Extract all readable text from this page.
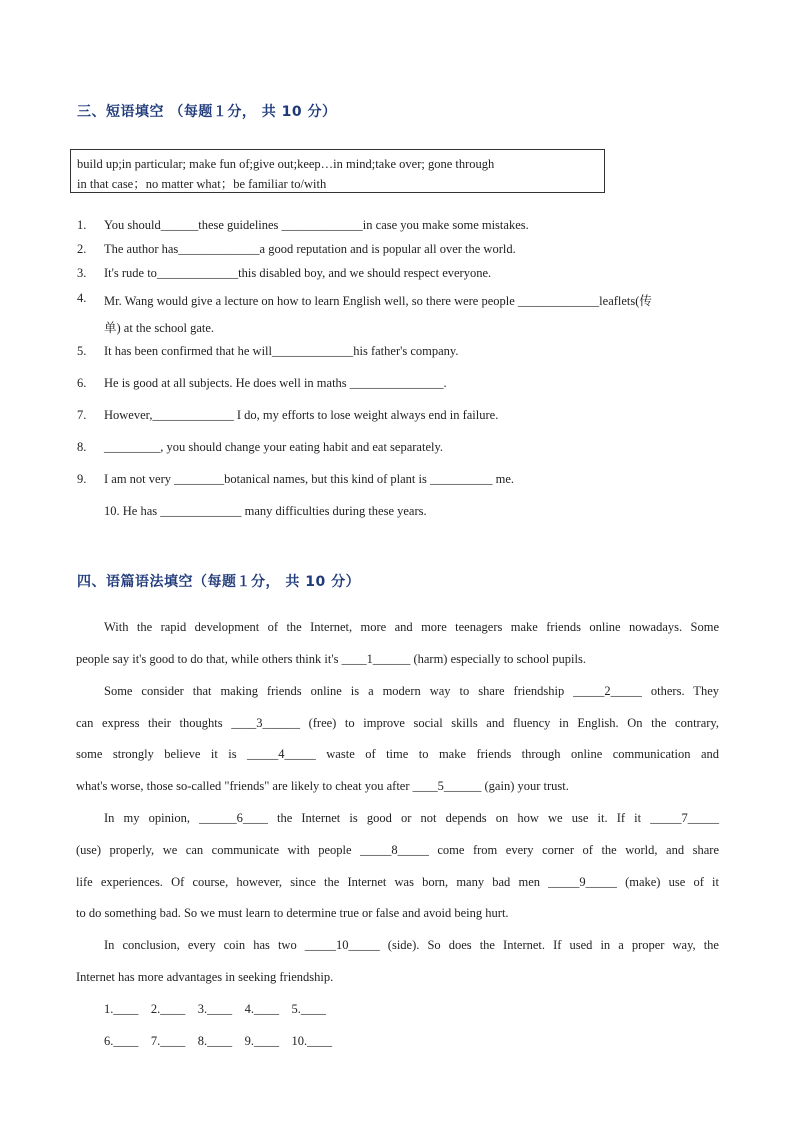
三、短语填空 （每题１分， 共 10 分）
build up;in particular; make fun of;give out;keep…in mind;take over; gone through
in that case；no matter what；be familiar to/with
1. You should______these guidelines _____________in case you make some mistakes.
2. The author has_____________a good reputation and is popular all over the world.
3. It's rude to_____________this disabled boy, and we should respect everyone.
4. Mr. Wang would give a lecture on how to learn English well, so there were people _____________leaflets(传
单) at the school gate.
5. It has been confirmed that he will_____________his father's company.
6. He is good at all subjects. He does well in maths _______________.
7. However,_____________ I do, my efforts to lose weight always end in failure.
8. _________, you should change your eating habit and eat separately.
9. I am not very ________botanical names, but this kind of plant is __________ me.
10. He has _____________ many difficulties during these years.
四、语篇语法填空（每题１分， 共 10 分）
With the rapid development of the Internet, more and more teenagers make friends online nowadays. Some
people say it's good to do that, while others think it's ____1______ (harm) especially to school pupils.
Some consider that making friends online is a modern way to share friendship _____2_____ others. They
can express their thoughts ____3______ (free) to improve social skills and fluency in English. On the contrary,
some strongly believe it is _____4_____ waste of time to make friends through online communication and
what's worse, those so-called "friends" are likely to cheat you after ____5______ (gain) your trust.
In my opinion, ______6____ the Internet is good or not depends on how we use it. If it _____7_____
(use) properly, we can communicate with people _____8_____ come from every corner of the world, and share
life experiences. Of course, however, since the Internet was born, many bad men _____9_____ (make) use of it
to do something bad. So we must learn to determine true or false and avoid being hurt.
In conclusion, every coin has two _____10_____ (side). So does the Internet. If used in a proper way, the
Internet has more advantages in seeking friendship.
1.____    2.____    3.____    4.____    5.____
6.____    7.____    8.____    9.____    10.____
